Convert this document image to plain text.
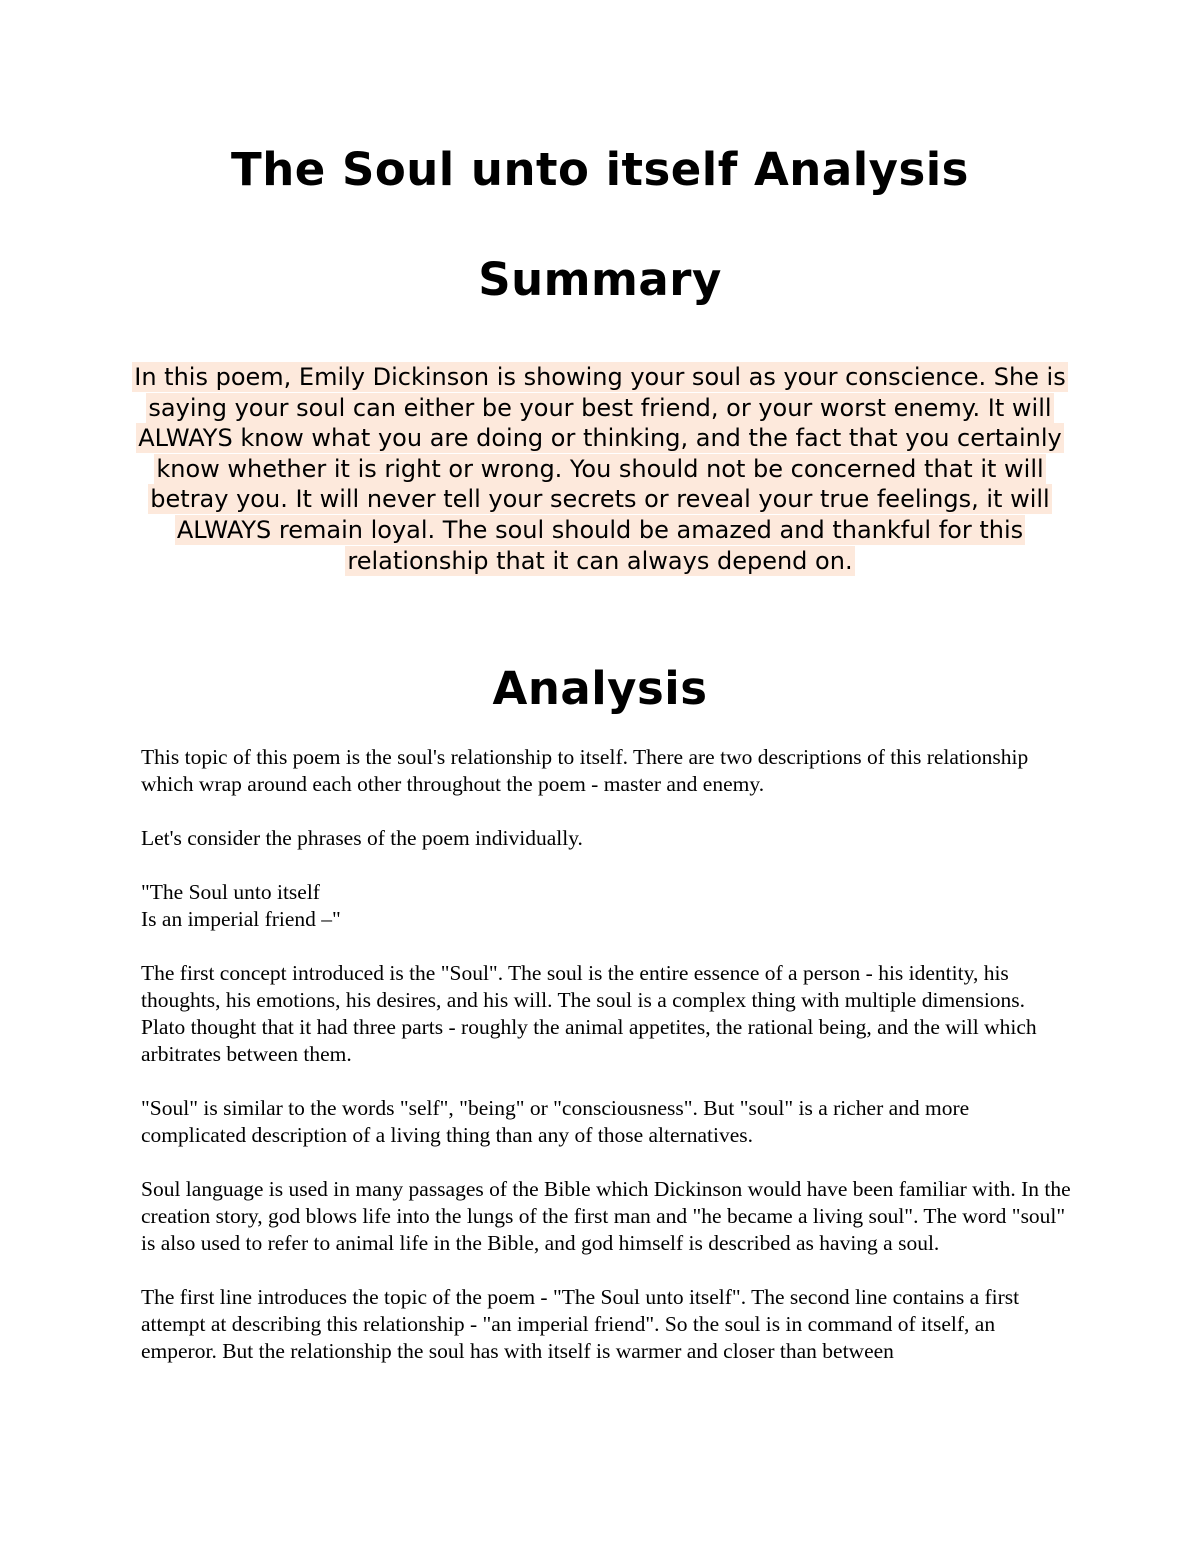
The Soul unto itself Analysis
Summary

In this poem, Emily Dickinson is showing your soul as your conscience. She is saying your soul can either be your best friend, or your worst enemy. It will ALWAYS know what you are doing or thinking, and the fact that you certainly know whether it is right or wrong. You should not be concerned that it will betray you. It will never tell your secrets or reveal your true feelings, it will ALWAYS remain loyal. The soul should be amazed and thankful for this relationship that it can always depend on.

Analysis

This topic of this poem is the soul's relationship to itself. There are two descriptions of this relationship which wrap around each other throughout the poem - master and enemy.

Let's consider the phrases of the poem individually.

"The Soul unto itself
Is an imperial friend –"

The first concept introduced is the "Soul". The soul is the entire essence of a person - his identity, his thoughts, his emotions, his desires, and his will. The soul is a complex thing with multiple dimensions. Plato thought that it had three parts - roughly the animal appetites, the rational being, and the will which arbitrates between them.

"Soul" is similar to the words "self", "being" or "consciousness". But "soul" is a richer and more complicated description of a living thing than any of those alternatives.

Soul language is used in many passages of the Bible which Dickinson would have been familiar with. In the creation story, god blows life into the lungs of the first man and "he became a living soul". The word "soul" is also used to refer to animal life in the Bible, and god himself is described as having a soul.

The first line introduces the topic of the poem - "The Soul unto itself". The second line contains a first attempt at describing this relationship - "an imperial friend". So the soul is in command of itself, an emperor. But the relationship the soul has with itself is warmer and closer than between
